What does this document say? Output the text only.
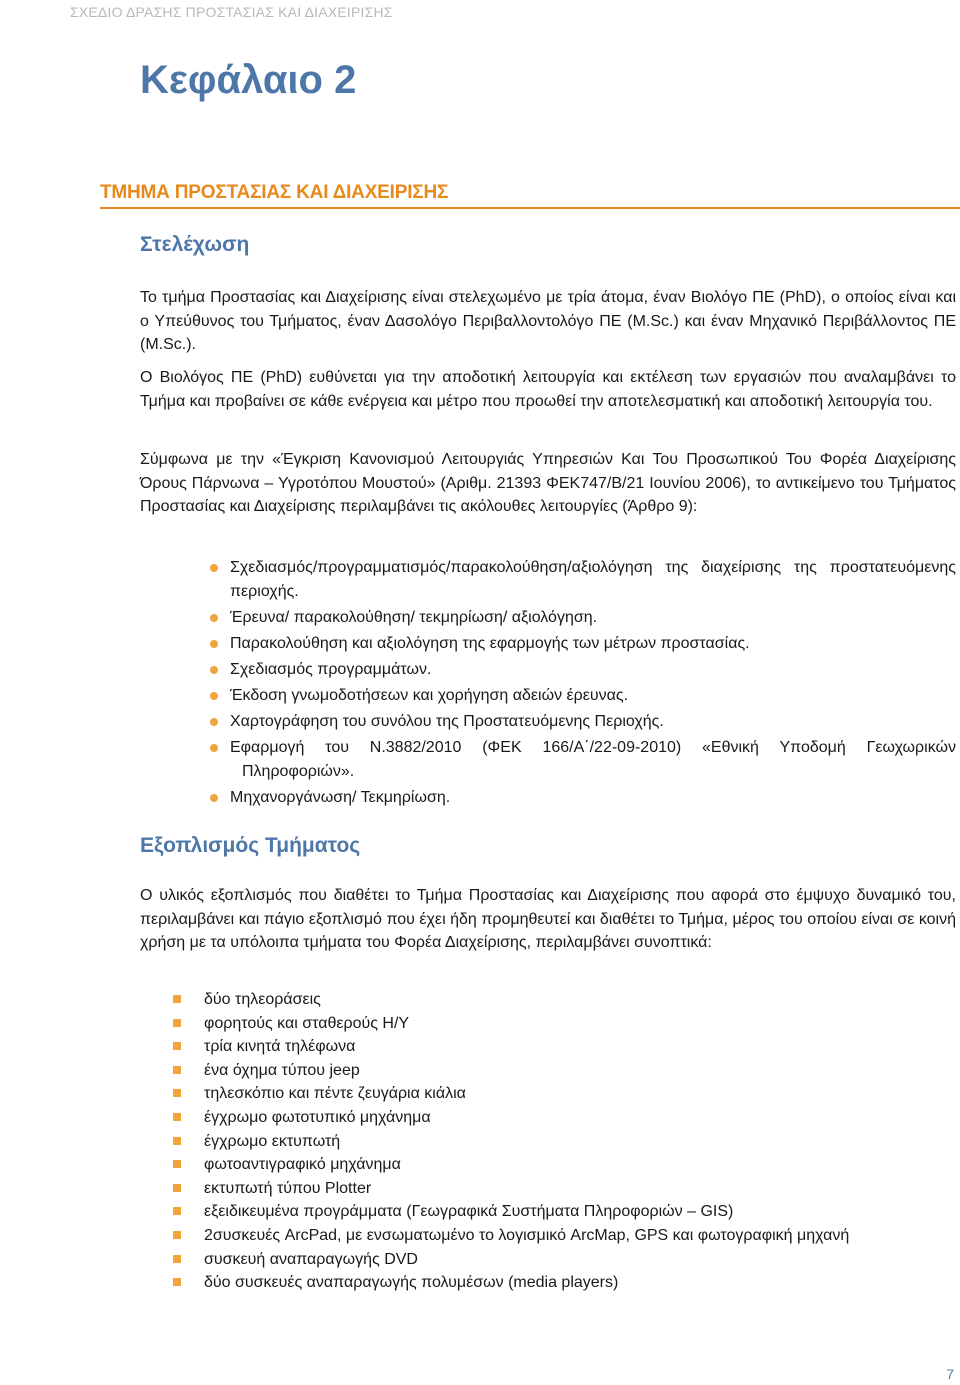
ΣΧΕΔΙΟ ΔΡΑΣΗΣ ΠΡΟΣΤΑΣΙΑΣ ΚΑΙ ΔΙΑΧΕΙΡΙΣΗΣ
Κεφάλαιο 2
ΤΜΗΜΑ ΠΡΟΣΤΑΣΙΑΣ ΚΑΙ ΔΙΑΧΕΙΡΙΣΗΣ
Στελέχωση

Το τμήμα Προστασίας και Διαχείρισης είναι στελεχωμένο με τρία άτομα, έναν Βιολόγο ΠΕ (PhD), ο οποίος είναι και ο Υπεύθυνος του Τμήματος, έναν Δασολόγο Περιβαλλοντολόγο ΠΕ (M.Sc.) και έναν Μηχανικό Περιβάλλοντος ΠΕ (M.Sc.).

Ο Βιολόγος ΠΕ (PhD) ευθύνεται για την αποδοτική λειτουργία και εκτέλεση των εργασιών που αναλαμβάνει το Τμήμα και προβαίνει σε κάθε ενέργεια και μέτρο που προωθεί την αποτελεσματική και αποδοτική λειτουργία του.

Σύμφωνα με την «Έγκριση Κανονισμού Λειτουργιάς Υπηρεσιών Και Του Προσωπικού Του Φορέα Διαχείρισης Όρους Πάρνωνα – Υγροτόπου Μουστού» (Αριθμ. 21393 ΦΕΚ747/Β/21 Ιουνίου 2006), το αντικείμενο του Τμήματος Προστασίας και Διαχείρισης περιλαμβάνει τις ακόλουθες λειτουργίες (Άρθρο 9):

Σχεδιασμός/προγραμματισμός/παρακολούθηση/αξιολόγηση της διαχείρισης της προστατευόμενης περιοχής.
Έρευνα/ παρακολούθηση/ τεκμηρίωση/ αξιολόγηση.
Παρακολούθηση και αξιολόγηση της εφαρμογής των μέτρων προστασίας.
Σχεδιασμός προγραμμάτων.
Έκδοση γνωμοδοτήσεων και χορήγηση αδειών έρευνας.
Χαρτογράφηση του συνόλου της Προστατευόμενης Περιοχής.
Εφαρμογή του Ν.3882/2010 (ΦΕΚ 166/Α΄/22-09-2010) «Εθνική Υποδομή Γεωχωρικών Πληροφοριών».
Μηχανοργάνωση/ Τεκμηρίωση.
Εξοπλισμός Τμήματος

Ο υλικός εξοπλισμός που διαθέτει το Τμήμα Προστασίας και Διαχείρισης που αφορά στο έμψυχο δυναμικό του, περιλαμβάνει και πάγιο εξοπλισμό που έχει ήδη προμηθευτεί και διαθέτει το Τμήμα, μέρος του οποίου είναι σε κοινή χρήση με τα υπόλοιπα τμήματα του Φορέα Διαχείρισης, περιλαμβάνει συνοπτικά:

δύο τηλεοράσεις
φορητούς και σταθερούς Η/Υ
τρία κινητά τηλέφωνα
ένα όχημα τύπου jeep
τηλεσκόπιο και πέντε ζευγάρια κιάλια
έγχρωμο φωτοτυπικό μηχάνημα
έγχρωμο εκτυπωτή
φωτοαντιγραφικό μηχάνημα
εκτυπωτή τύπου Plotter
εξειδικευμένα προγράμματα (Γεωγραφικά Συστήματα Πληροφοριών – GIS)
2συσκευές ArcPad, με ενσωματωμένο το λογισμικό ArcMap, GPS και φωτογραφική μηχανή
συσκευή αναπαραγωγής DVD
δύο συσκευές αναπαραγωγής πολυμέσων (media players)
7
